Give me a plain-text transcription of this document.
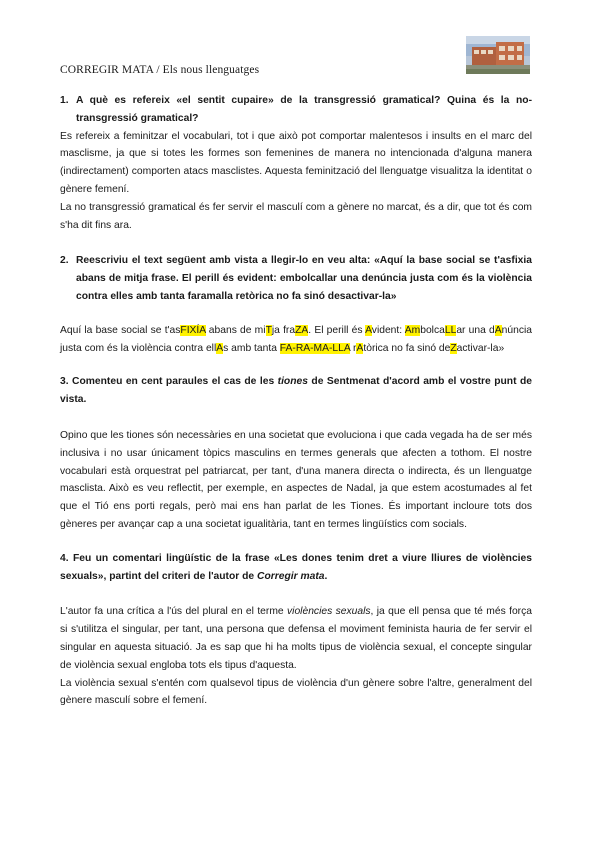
CORREGIR MATA / Els nous llenguatges
1. A què es refereix «el sentit cupaire» de la transgressió gramatical? Quina és la no-transgressió gramatical?

Es refereix a feminitzar el vocabulari, tot i que això pot comportar malentesos i insults en el marc del masclisme, ja que si totes les formes son femenines de manera no intencionada d'alguna manera (indirectament) comporten atacs masclistes. Aquesta feminització del llenguatge visualitza la identitat o gènere femení.

La no transgressió gramatical és fer servir el masculí com a gènere no marcat, és a dir, que tot és com s'ha dit fins ara.

2. Reescriviu el text següent amb vista a llegir-lo en veu alta: «Aquí la base social se t'asfixia abans de mitja frase. El perill és evident: embolcallar una denúncia justa com és la violència contra elles amb tanta faramalla retòrica no fa sinó desactivar-la»

Aquí la base social se t'asFIXÍA abans de miTja fraZA. El perill és Avident: AmbolcaLLar una dAnúncia justa com és la violència contra ellAs amb tanta FA-RA-MA-LLA rAtòrica no fa sinó deZactivar-la»

3. Comenteu en cent paraules el cas de les tiones de Sentmenat d'acord amb el vostre punt de vista.

Opino que les tiones són necessàries en una societat que evoluciona i que cada vegada ha de ser més inclusiva i no usar únicament tòpics masculins en termes generals que afecten a tothom. El nostre vocabulari està orquestrat pel patriarcat, per tant, d'una manera directa o indirecta, és un llenguatge masclista. Això es veu reflectit, per exemple, en aspectes de Nadal, ja que estem acostumades al fet que el Tió ens porti regals, però mai ens han parlat de les Tiones. És important incloure tots dos gèneres per avançar cap a una societat igualitària, tant en termes lingüístics com socials.

4. Feu un comentari lingüístic de la frase «Les dones tenim dret a viure lliures de violències sexuals», partint del criteri de l'autor de Corregir mata.

L'autor fa una crítica a l'ús del plural en el terme violències sexuals, ja que ell pensa que té més força si s'utilitza el singular, per tant, una persona que defensa el moviment feminista hauria de fer servir el singular en aquesta situació. Ja es sap que hi ha molts tipus de violència sexual, el concepte singular de violència sexual engloba tots els tipus d'aquesta.

La violència sexual s'entén com qualsevol tipus de violència d'un gènere sobre l'altre, generalment del gènere masculí sobre el femení.
